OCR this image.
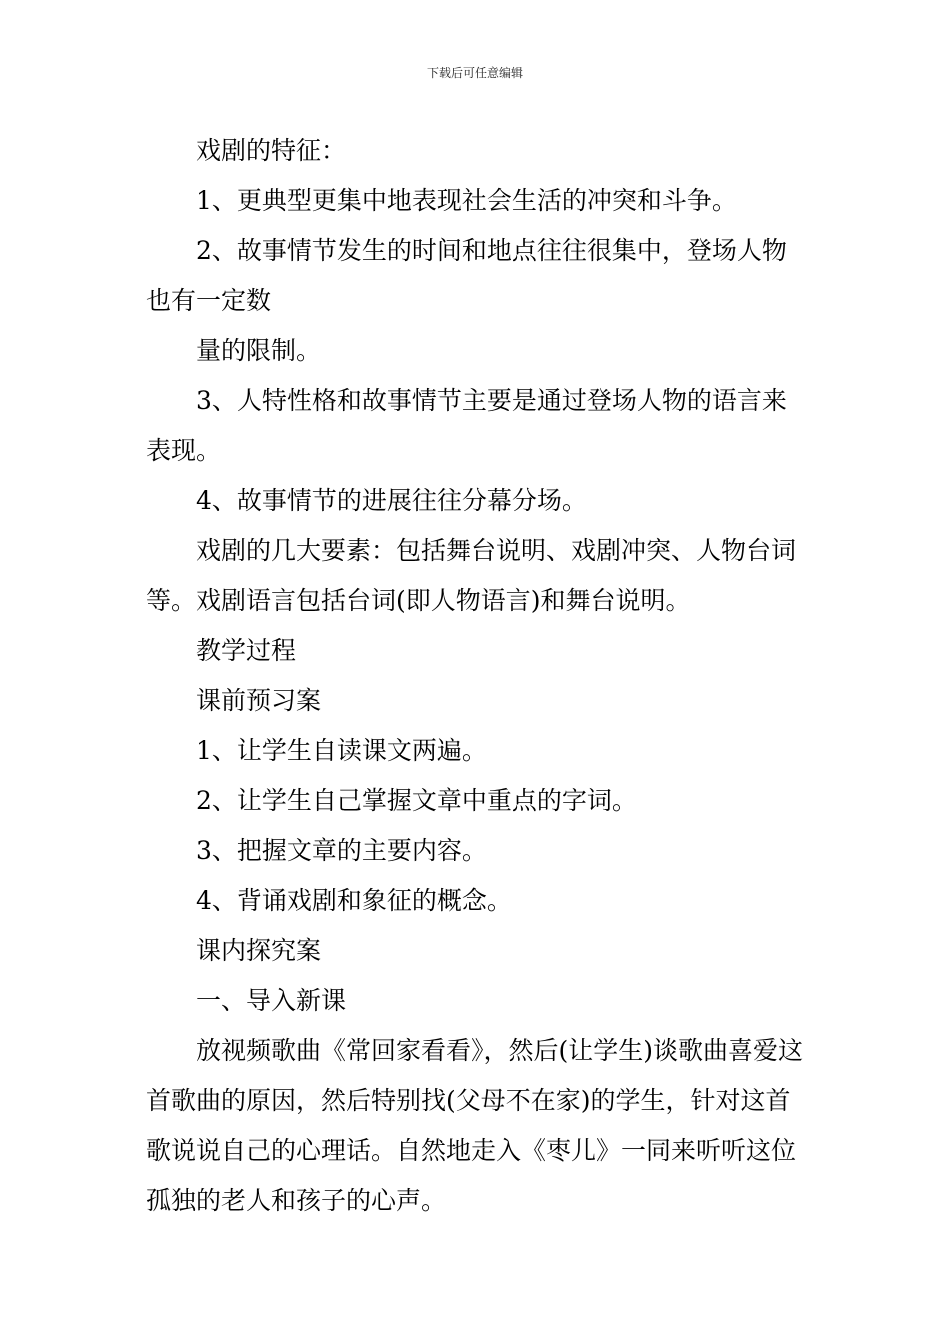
下载后可任意编辑

戏剧的特征：

1、更典型更集中地表现社会生活的冲突和斗争。

2、故事情节发生的时间和地点往往很集中，登场人物也有一定数

量的限制。

3、人特性格和故事情节主要是通过登场人物的语言来表现。

4、故事情节的进展往往分幕分场。

戏剧的几大要素：包括舞台说明、戏剧冲突、人物台词等。戏剧语言包括台词(即人物语言)和舞台说明。

教学过程

课前预习案

1、让学生自读课文两遍。

2、让学生自己掌握文章中重点的字词。

3、把握文章的主要内容。

4、背诵戏剧和象征的概念。

课内探究案

一、导入新课

放视频歌曲《常回家看看》，然后(让学生)谈歌曲喜爱这首歌曲的原因，然后特别找(父母不在家)的学生，针对这首歌说说自己的心理话。自然地走入《枣儿》一同来听听这位孤独的老人和孩子的心声。
